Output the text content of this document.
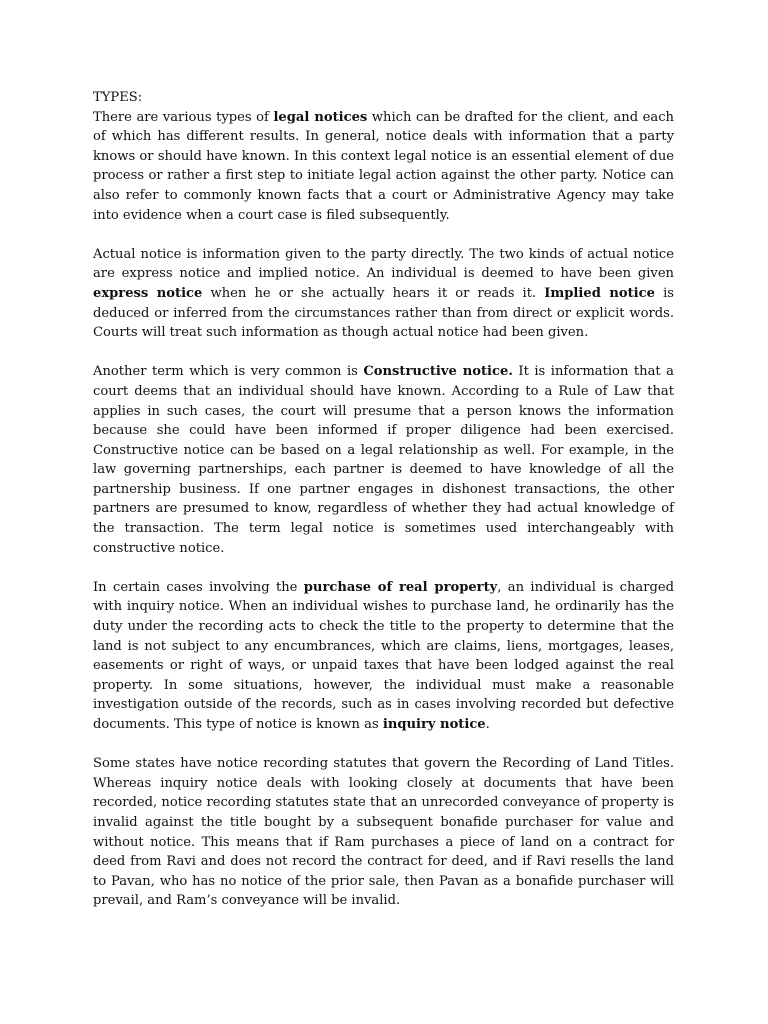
TYPES:

There are various types of legal notices which can be drafted for the client, and each of which has different results. In general, notice deals with information that a party knows or should have known. In this context legal notice is an essential element of due process or rather a first step to initiate legal action against the other party. Notice can also refer to commonly known facts that a court or Administrative Agency may take into evidence when a court case is filed subsequently.

Actual notice is information given to the party directly. The two kinds of actual notice are express notice and implied notice. An individual is deemed to have been given express notice when he or she actually hears it or reads it. Implied notice is deduced or inferred from the circumstances rather than from direct or explicit words. Courts will treat such information as though actual notice had been given.

Another term which is very common is Constructive notice. It is information that a court deems that an individual should have known. According to a Rule of Law that applies in such cases, the court will presume that a person knows the information because she could have been informed if proper diligence had been exercised. Constructive notice can be based on a legal relationship as well. For example, in the law governing partnerships, each partner is deemed to have knowledge of all the partnership business. If one partner engages in dishonest transactions, the other partners are presumed to know, regardless of whether they had actual knowledge of the transaction. The term legal notice is sometimes used interchangeably with constructive notice.

In certain cases involving the purchase of real property, an individual is charged with inquiry notice. When an individual wishes to purchase land, he ordinarily has the duty under the recording acts to check the title to the property to determine that the land is not subject to any encumbrances, which are claims, liens, mortgages, leases, easements or right of ways, or unpaid taxes that have been lodged against the real property. In some situations, however, the individual must make a reasonable investigation outside of the records, such as in cases involving recorded but defective documents. This type of notice is known as inquiry notice.

Some states have notice recording statutes that govern the Recording of Land Titles. Whereas inquiry notice deals with looking closely at documents that have been recorded, notice recording statutes state that an unrecorded conveyance of property is invalid against the title bought by a subsequent bonafide purchaser for value and without notice. This means that if Ram purchases a piece of land on a contract for deed from Ravi and does not record the contract for deed, and if Ravi resells the land to Pavan, who has no notice of the prior sale, then Pavan as a bonafide purchaser will prevail, and Ram’s conveyance will be invalid.
